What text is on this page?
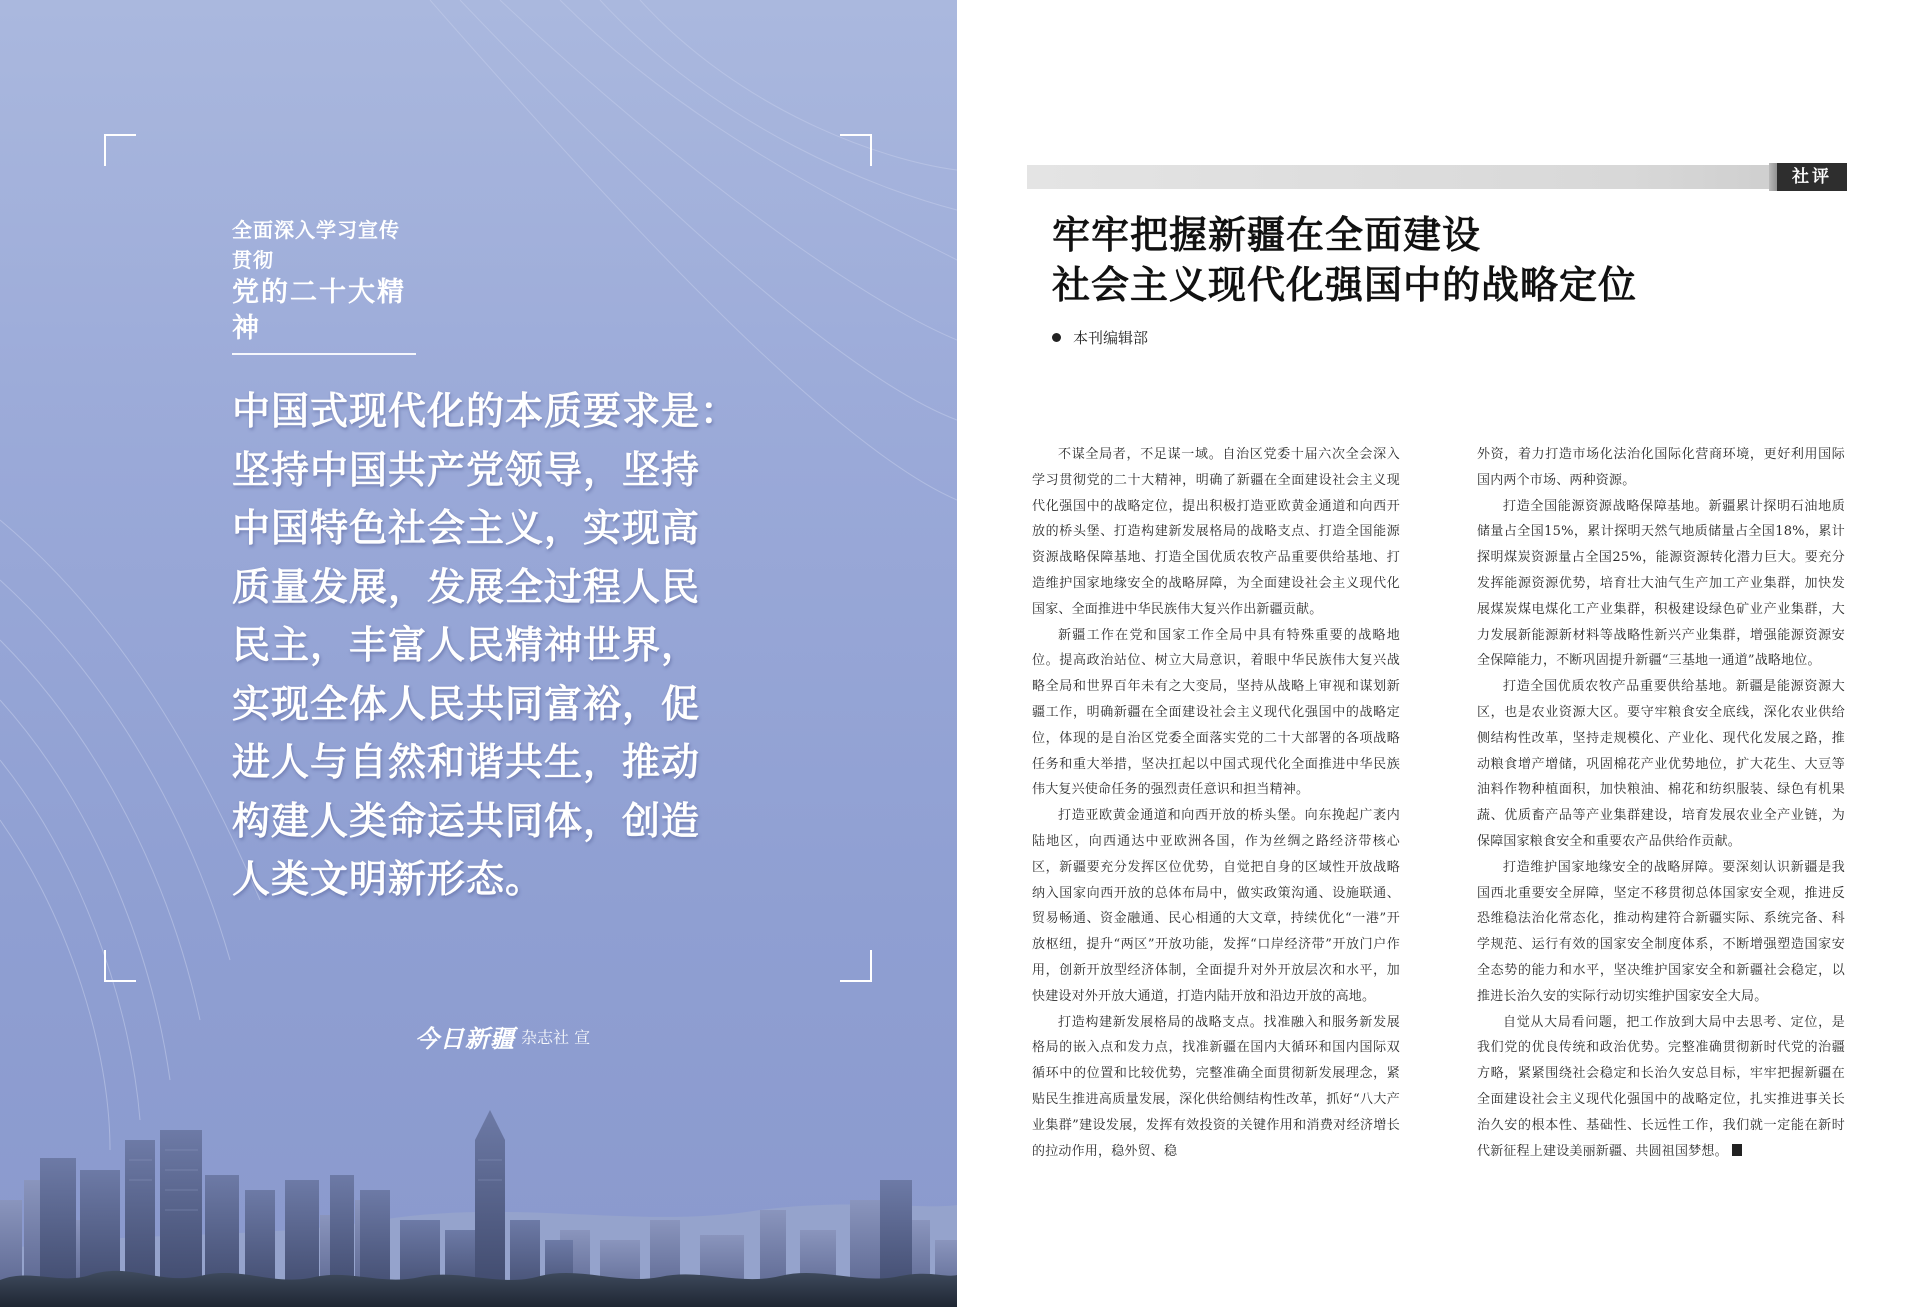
全面深入学习宣传贯彻
党的二十大精神
中国式现代化的本质要求是：
坚持中国共产党领导，坚持
中国特色社会主义，实现高
质量发展，发展全过程人民
民主，丰富人民精神世界，
实现全体人民共同富裕，促
进人与自然和谐共生，推动
构建人类命运共同体，创造
人类文明新形态。
今日新疆 杂志社 宣
社评
牢牢把握新疆在全面建设
社会主义现代化强国中的战略定位
本刊编辑部

不谋全局者，不足谋一域。自治区党委十届六次全会深入学习贯彻党的二十大精神，明确了新疆在全面建设社会主义现代化强国中的战略定位，提出积极打造亚欧黄金通道和向西开放的桥头堡、打造构建新发展格局的战略支点、打造全国能源资源战略保障基地、打造全国优质农牧产品重要供给基地、打造维护国家地缘安全的战略屏障，为全面建设社会主义现代化国家、全面推进中华民族伟大复兴作出新疆贡献。

新疆工作在党和国家工作全局中具有特殊重要的战略地位。提高政治站位、树立大局意识，着眼中华民族伟大复兴战略全局和世界百年未有之大变局，坚持从战略上审视和谋划新疆工作，明确新疆在全面建设社会主义现代化强国中的战略定位，体现的是自治区党委全面落实党的二十大部署的各项战略任务和重大举措，坚决扛起以中国式现代化全面推进中华民族伟大复兴使命任务的强烈责任意识和担当精神。

打造亚欧黄金通道和向西开放的桥头堡。向东挽起广袤内陆地区，向西通达中亚欧洲各国，作为丝绸之路经济带核心区，新疆要充分发挥区位优势，自觉把自身的区域性开放战略纳入国家向西开放的总体布局中，做实政策沟通、设施联通、贸易畅通、资金融通、民心相通的大文章，持续优化“一港”开放枢纽，提升“两区”开放功能，发挥“口岸经济带”开放门户作用，创新开放型经济体制，全面提升对外开放层次和水平，加快建设对外开放大通道，打造内陆开放和沿边开放的高地。

打造构建新发展格局的战略支点。找准融入和服务新发展格局的嵌入点和发力点，找准新疆在国内大循环和国内国际双循环中的位置和比较优势，完整准确全面贯彻新发展理念，紧贴民生推进高质量发展，深化供给侧结构性改革，抓好“八大产业集群”建设发展，发挥有效投资的关键作用和消费对经济增长的拉动作用，稳外贸、稳

外资，着力打造市场化法治化国际化营商环境，更好利用国际国内两个市场、两种资源。

打造全国能源资源战略保障基地。新疆累计探明石油地质储量占全国15%，累计探明天然气地质储量占全国18%，累计探明煤炭资源量占全国25%，能源资源转化潜力巨大。要充分发挥能源资源优势，培育壮大油气生产加工产业集群，加快发展煤炭煤电煤化工产业集群，积极建设绿色矿业产业集群，大力发展新能源新材料等战略性新兴产业集群，增强能源资源安全保障能力，不断巩固提升新疆“三基地一通道”战略地位。

打造全国优质农牧产品重要供给基地。新疆是能源资源大区，也是农业资源大区。要守牢粮食安全底线，深化农业供给侧结构性改革，坚持走规模化、产业化、现代化发展之路，推动粮食增产增储，巩固棉花产业优势地位，扩大花生、大豆等油料作物种植面积，加快粮油、棉花和纺织服装、绿色有机果蔬、优质畜产品等产业集群建设，培育发展农业全产业链，为保障国家粮食安全和重要农产品供给作贡献。

打造维护国家地缘安全的战略屏障。要深刻认识新疆是我国西北重要安全屏障，坚定不移贯彻总体国家安全观，推进反恐维稳法治化常态化，推动构建符合新疆实际、系统完备、科学规范、运行有效的国家安全制度体系，不断增强塑造国家安全态势的能力和水平，坚决维护国家安全和新疆社会稳定，以推进长治久安的实际行动切实维护国家安全大局。

自觉从大局看问题，把工作放到大局中去思考、定位，是我们党的优良传统和政治优势。完整准确贯彻新时代党的治疆方略，紧紧围绕社会稳定和长治久安总目标，牢牢把握新疆在全面建设社会主义现代化强国中的战略定位，扎实推进事关长治久安的根本性、基础性、长远性工作，我们就一定能在新时代新征程上建设美丽新疆、共圆祖国梦想。
